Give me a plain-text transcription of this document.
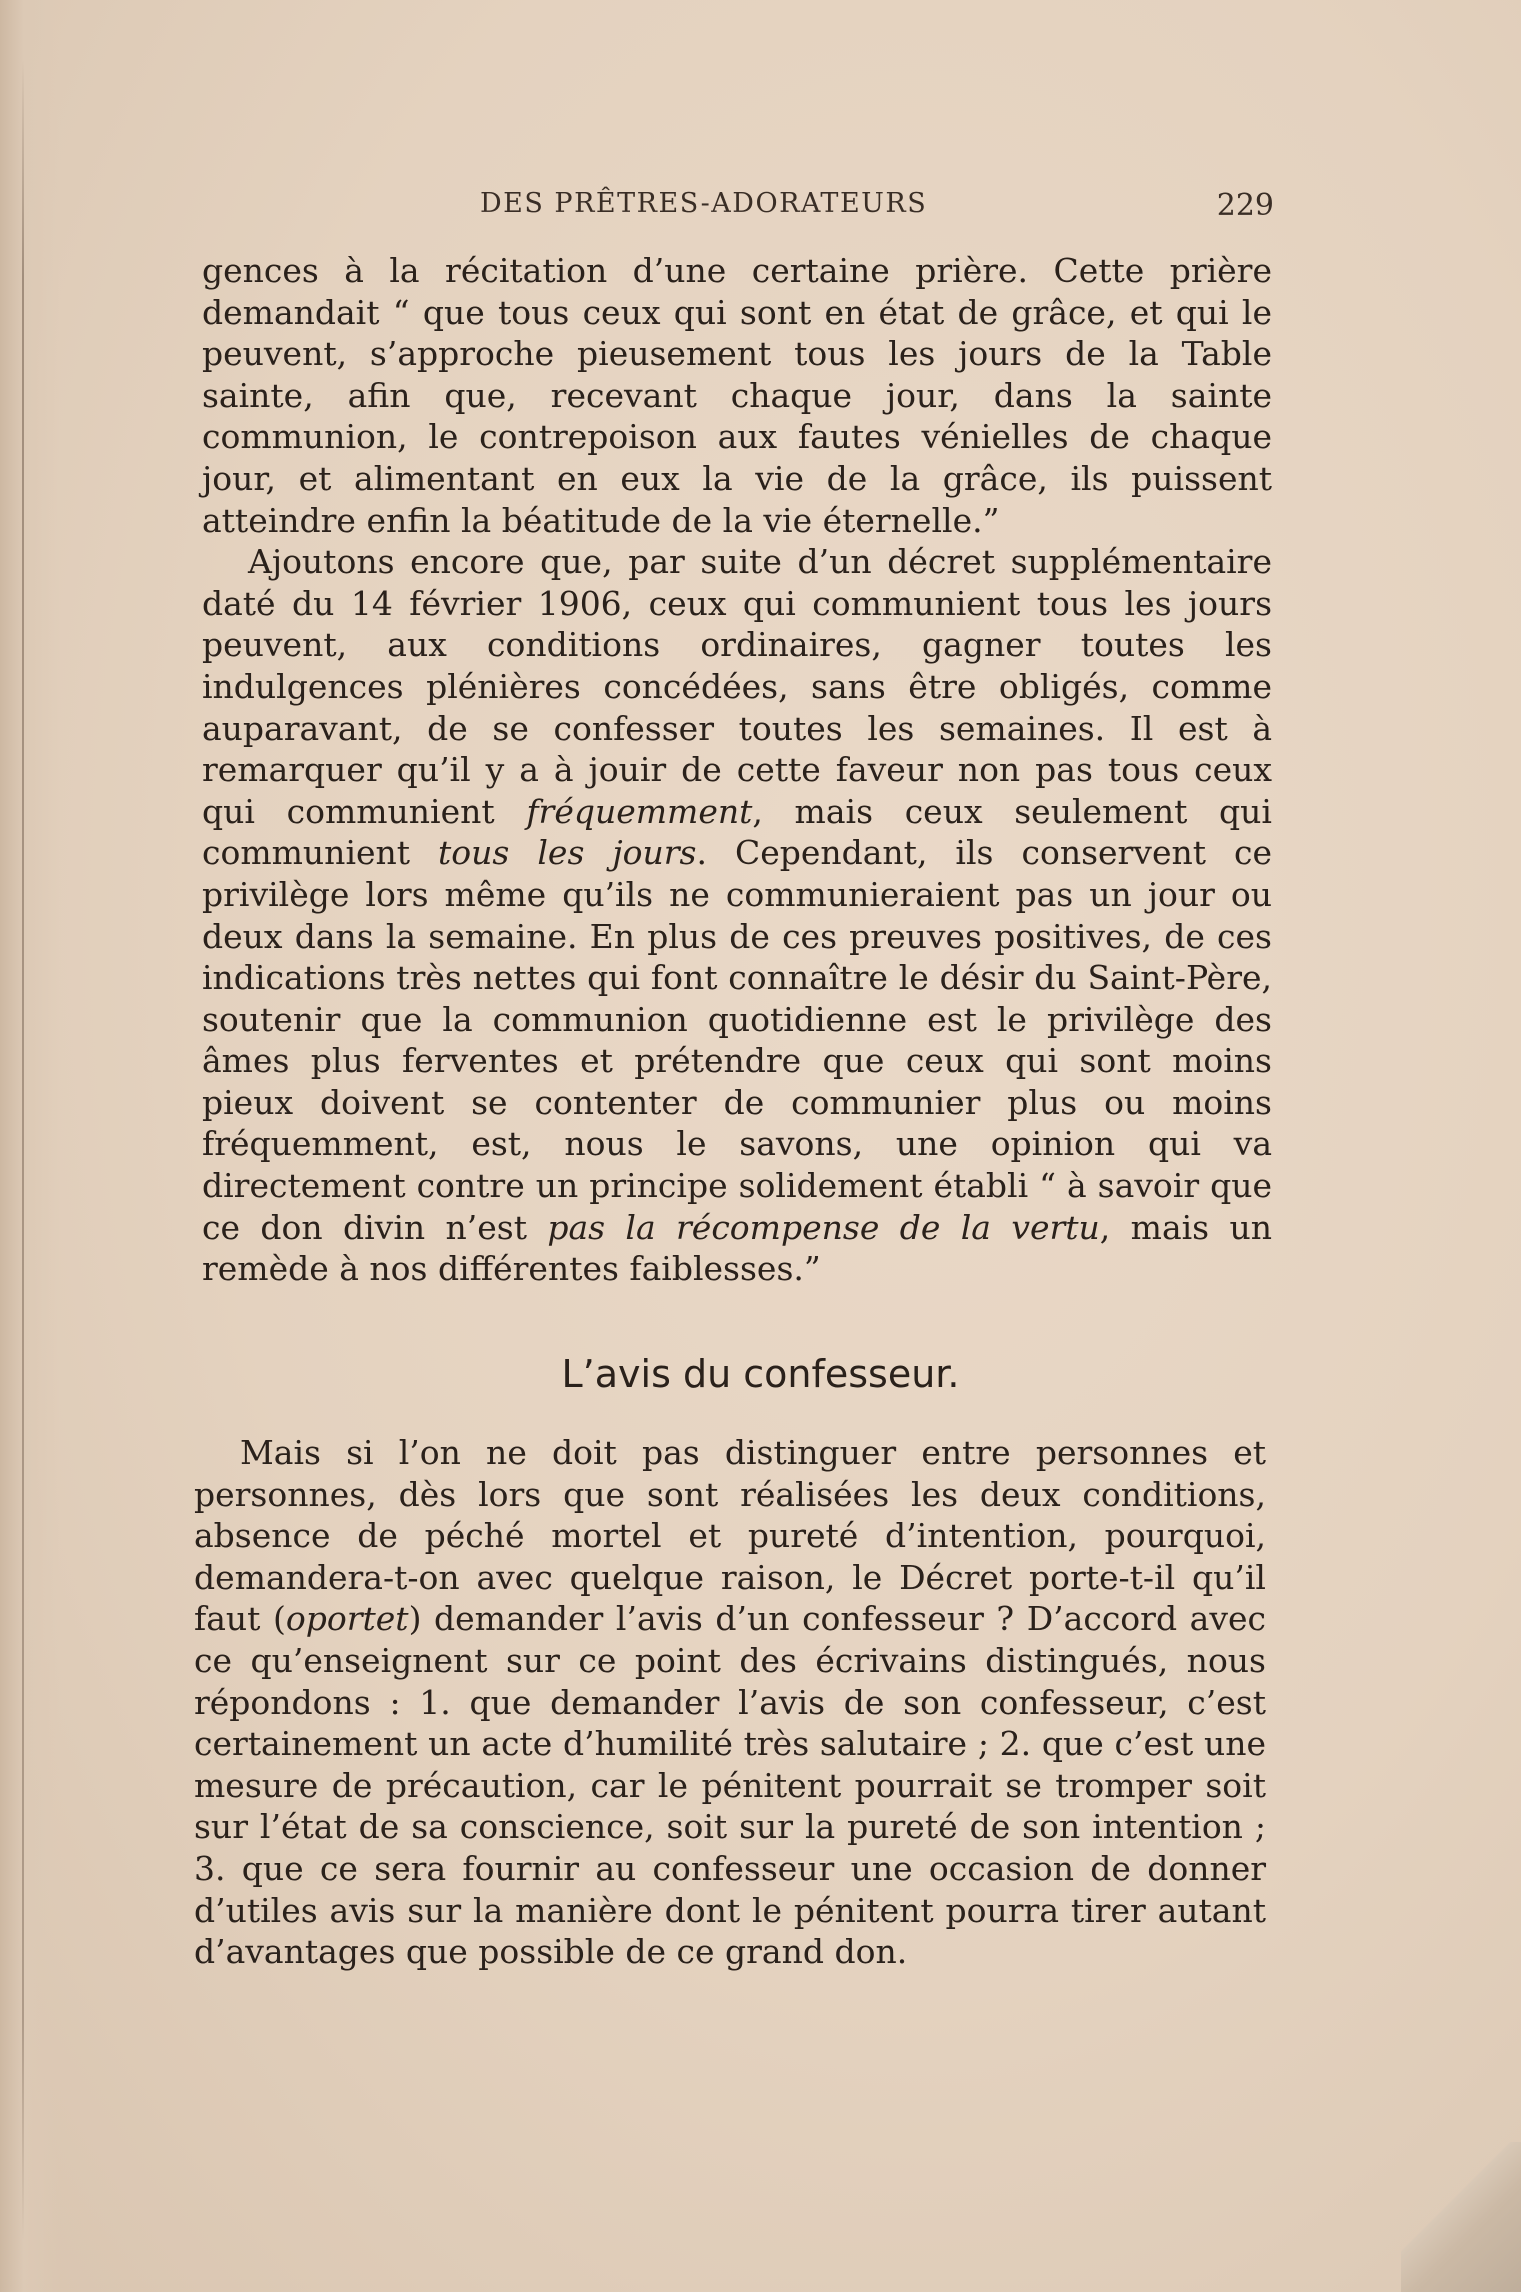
DES PRÊTRES-ADORATEURS	229

gences à la récitation d’une certaine prière. Cette prière demandait “ que tous ceux qui sont en état de grâce, et qui le peuvent, s’approche pieusement tous les jours de la Table sainte, afin que, recevant chaque jour, dans la sainte communion, le contrepoison aux fautes vénielles de chaque jour, et alimentant en eux la vie de la grâce, ils puissent atteindre enfin la béatitude de la vie éternelle.”

Ajoutons encore que, par suite d’un décret supplémentaire daté du 14 février 1906, ceux qui communient tous les jours peuvent, aux conditions ordinaires, gagner toutes les indulgences plénières concédées, sans être obligés, comme auparavant, de se confesser toutes les semaines. Il est à remarquer qu’il y a à jouir de cette faveur non pas tous ceux qui communient fréquemment, mais ceux seulement qui communient tous les jours. Cependant, ils conservent ce privilège lors même qu’ils ne communieraient pas un jour ou deux dans la semaine. En plus de ces preuves positives, de ces indications très nettes qui font connaître le désir du Saint-Père, soutenir que la communion quotidienne est le privilège des âmes plus ferventes et prétendre que ceux qui sont moins pieux doivent se contenter de communier plus ou moins fréquemment, est, nous le savons, une opinion qui va directement contre un principe solidement établi “ à savoir que ce don divin n’est pas la récompense de la vertu, mais un remède à nos différentes faiblesses.”

L’avis du confesseur.

Mais si l’on ne doit pas distinguer entre personnes et personnes, dès lors que sont réalisées les deux conditions, absence de péché mortel et pureté d’intention, pourquoi, demandera-t-on avec quelque raison, le Décret porte-t-il qu’il faut (oportet) demander l’avis d’un confesseur ? D’accord avec ce qu’enseignent sur ce point des écrivains distingués, nous répondons : 1. que demander l’avis de son confesseur, c’est certainement un acte d’humilité très salutaire ; 2. que c’est une mesure de précaution, car le pénitent pourrait se tromper soit sur l’état de sa conscience, soit sur la pureté de son intention ; 3. que ce sera fournir au confesseur une occasion de donner d’utiles avis sur la manière dont le pénitent pourra tirer autant d’avantages que possible de ce grand don.
